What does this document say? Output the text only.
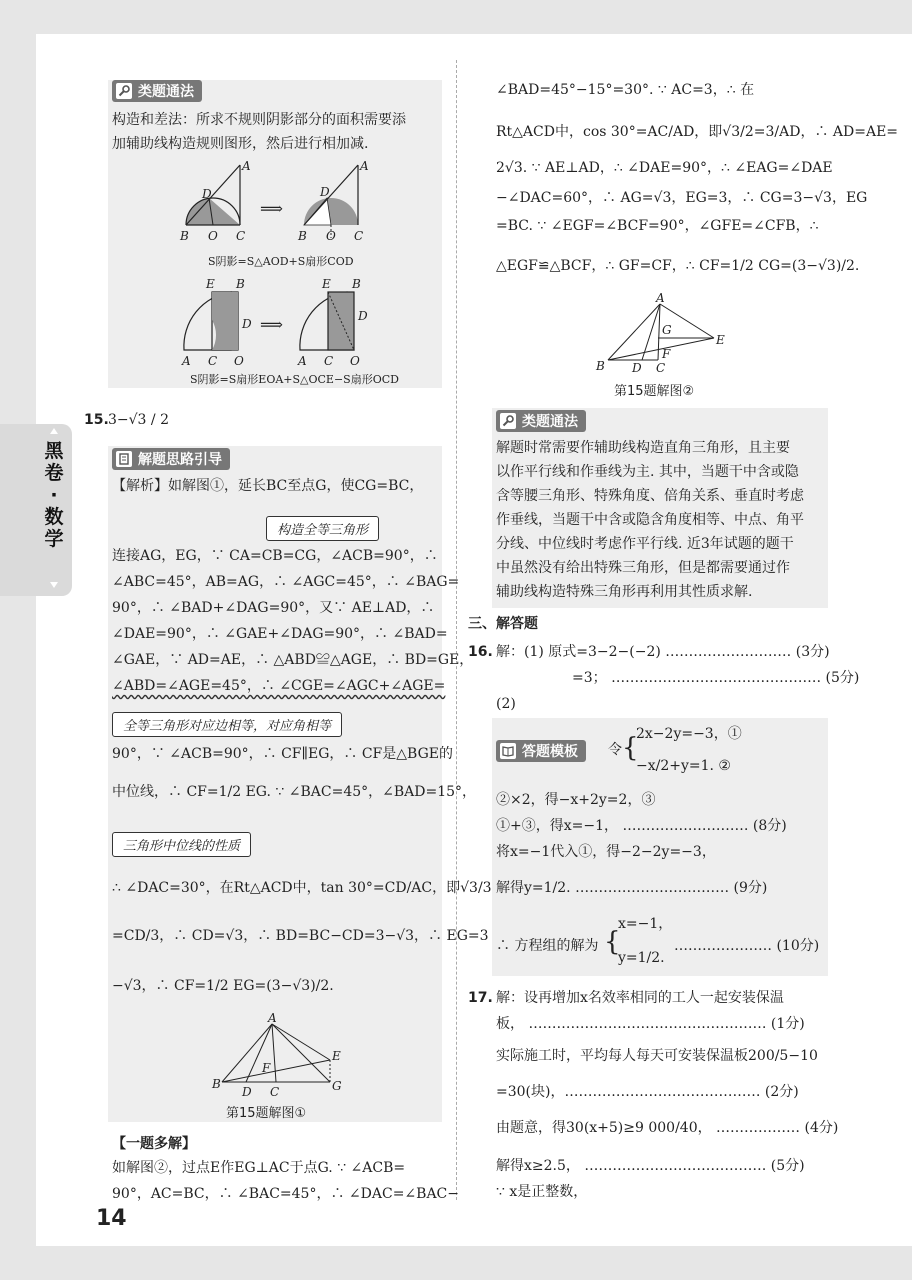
黑卷·数学
类题通法
构造和差法：所求不规则阴影部分的面积需要添
加辅助线构造规则图形，然后进行相加减.
B O C
D
A
⟹
B O C
D
A
E B
D
A C O
⟹
E B
D
A C O
S阴影=S△AOD+S扇形COD
S阴影=S扇形EOA+S△OCE−S扇形OCD
15. 3−√3 / 2
解题思路引导
【解析】如解图①，延长BC至点G，使CG=BC，
构造全等三角形
连接AG，EG，∵ CA=CB=CG，∠ACB=90°，∴
∠ABC=45°，AB=AG，∴ ∠AGC=45°，∴ ∠BAG=
90°，∴ ∠BAD+∠DAG=90°，又∵ AE⊥AD，∴
∠DAE=90°，∴ ∠GAE+∠DAG=90°，∴ ∠BAD=
∠GAE，∵ AD=AE，∴ △ABD≌△AGE，∴ BD=GE，
∠ABD=∠AGE=45°，∴ ∠CGE=∠AGC+∠AGE=
全等三角形对应边相等，对应角相等
90°，∵ ∠ACB=90°，∴ CF∥EG，∴ CF是△BGE的
中位线，∴ CF=1/2 EG. ∵ ∠BAC=45°，∠BAD=15°，
三角形中位线的性质
∴ ∠DAC=30°，在Rt△ACD中，tan 30°=CD/AC，即√3/3
=CD/3，∴ CD=√3，∴ BD=BC−CD=3−√3，∴ EG=3
−√3，∴ CF=1/2 EG=(3−√3)/2.
A
B
D C
F
E
G
第15题解图①
【一题多解】
如解图②，过点E作EG⊥AC于点G. ∵ ∠ACB=
90°，AC=BC，∴ ∠BAC=45°，∴ ∠DAC=∠BAC−
14
∠BAD=45°−15°=30°. ∵ AC=3，∴ 在
Rt△ACD中，cos 30°=AC/AD，即√3/2=3/AD，∴ AD=AE=
2√3. ∵ AE⊥AD，∴ ∠DAE=90°，∴ ∠EAG=∠DAE
−∠DAC=60°，∴ AG=√3，EG=3，∴ CG=3−√3，EG
=BC. ∵ ∠EGF=∠BCF=90°，∠GFE=∠CFB，∴
△EGF≌△BCF，∴ GF=CF，∴ CF=1/2 CG=(3−√3)/2.
A
B D C
G
F
E
第15题解图②
类题通法
解题时常需要作辅助线构造直角三角形，且主要
以作平行线和作垂线为主. 其中，当题干中含或隐
含等腰三角形、特殊角度、倍角关系、垂直时考虑
作垂线，当题干中含或隐含角度相等、中点、角平
分线、中位线时考虑作平行线. 近3年试题的题干
中虽然没有给出特殊三角形，但是都需要通过作
辅助线构造特殊三角形再利用其性质求解.
三、解答题
16. 解：(1) 原式=3−2−(−2) ……………………… (3分)
=3； ……………………………………… (5分)
(2)
答题模板 令 {
2x−2y=−3，①
−x/2+y=1. ②
②×2，得−x+2y=2，③
①+③，得x=−1， ……………………… (8分)
将x=−1代入①，得−2−2y=−3，
解得y=1/2. …………………………… (9分)
∴ 方程组的解为 {
x=−1，
y=1/2.
………………… (10分)
17. 解：设再增加x名效率相同的工人一起安装保温
板， …………………………………………… (1分)
实际施工时，平均每人每天可安装保温板200/5−10
=30(块)，…………………………………… (2分)
由题意，得30(x+5)≥9 000/40， ……………… (4分)
解得x≥2.5， ………………………………… (5分)
∵ x是正整数，
